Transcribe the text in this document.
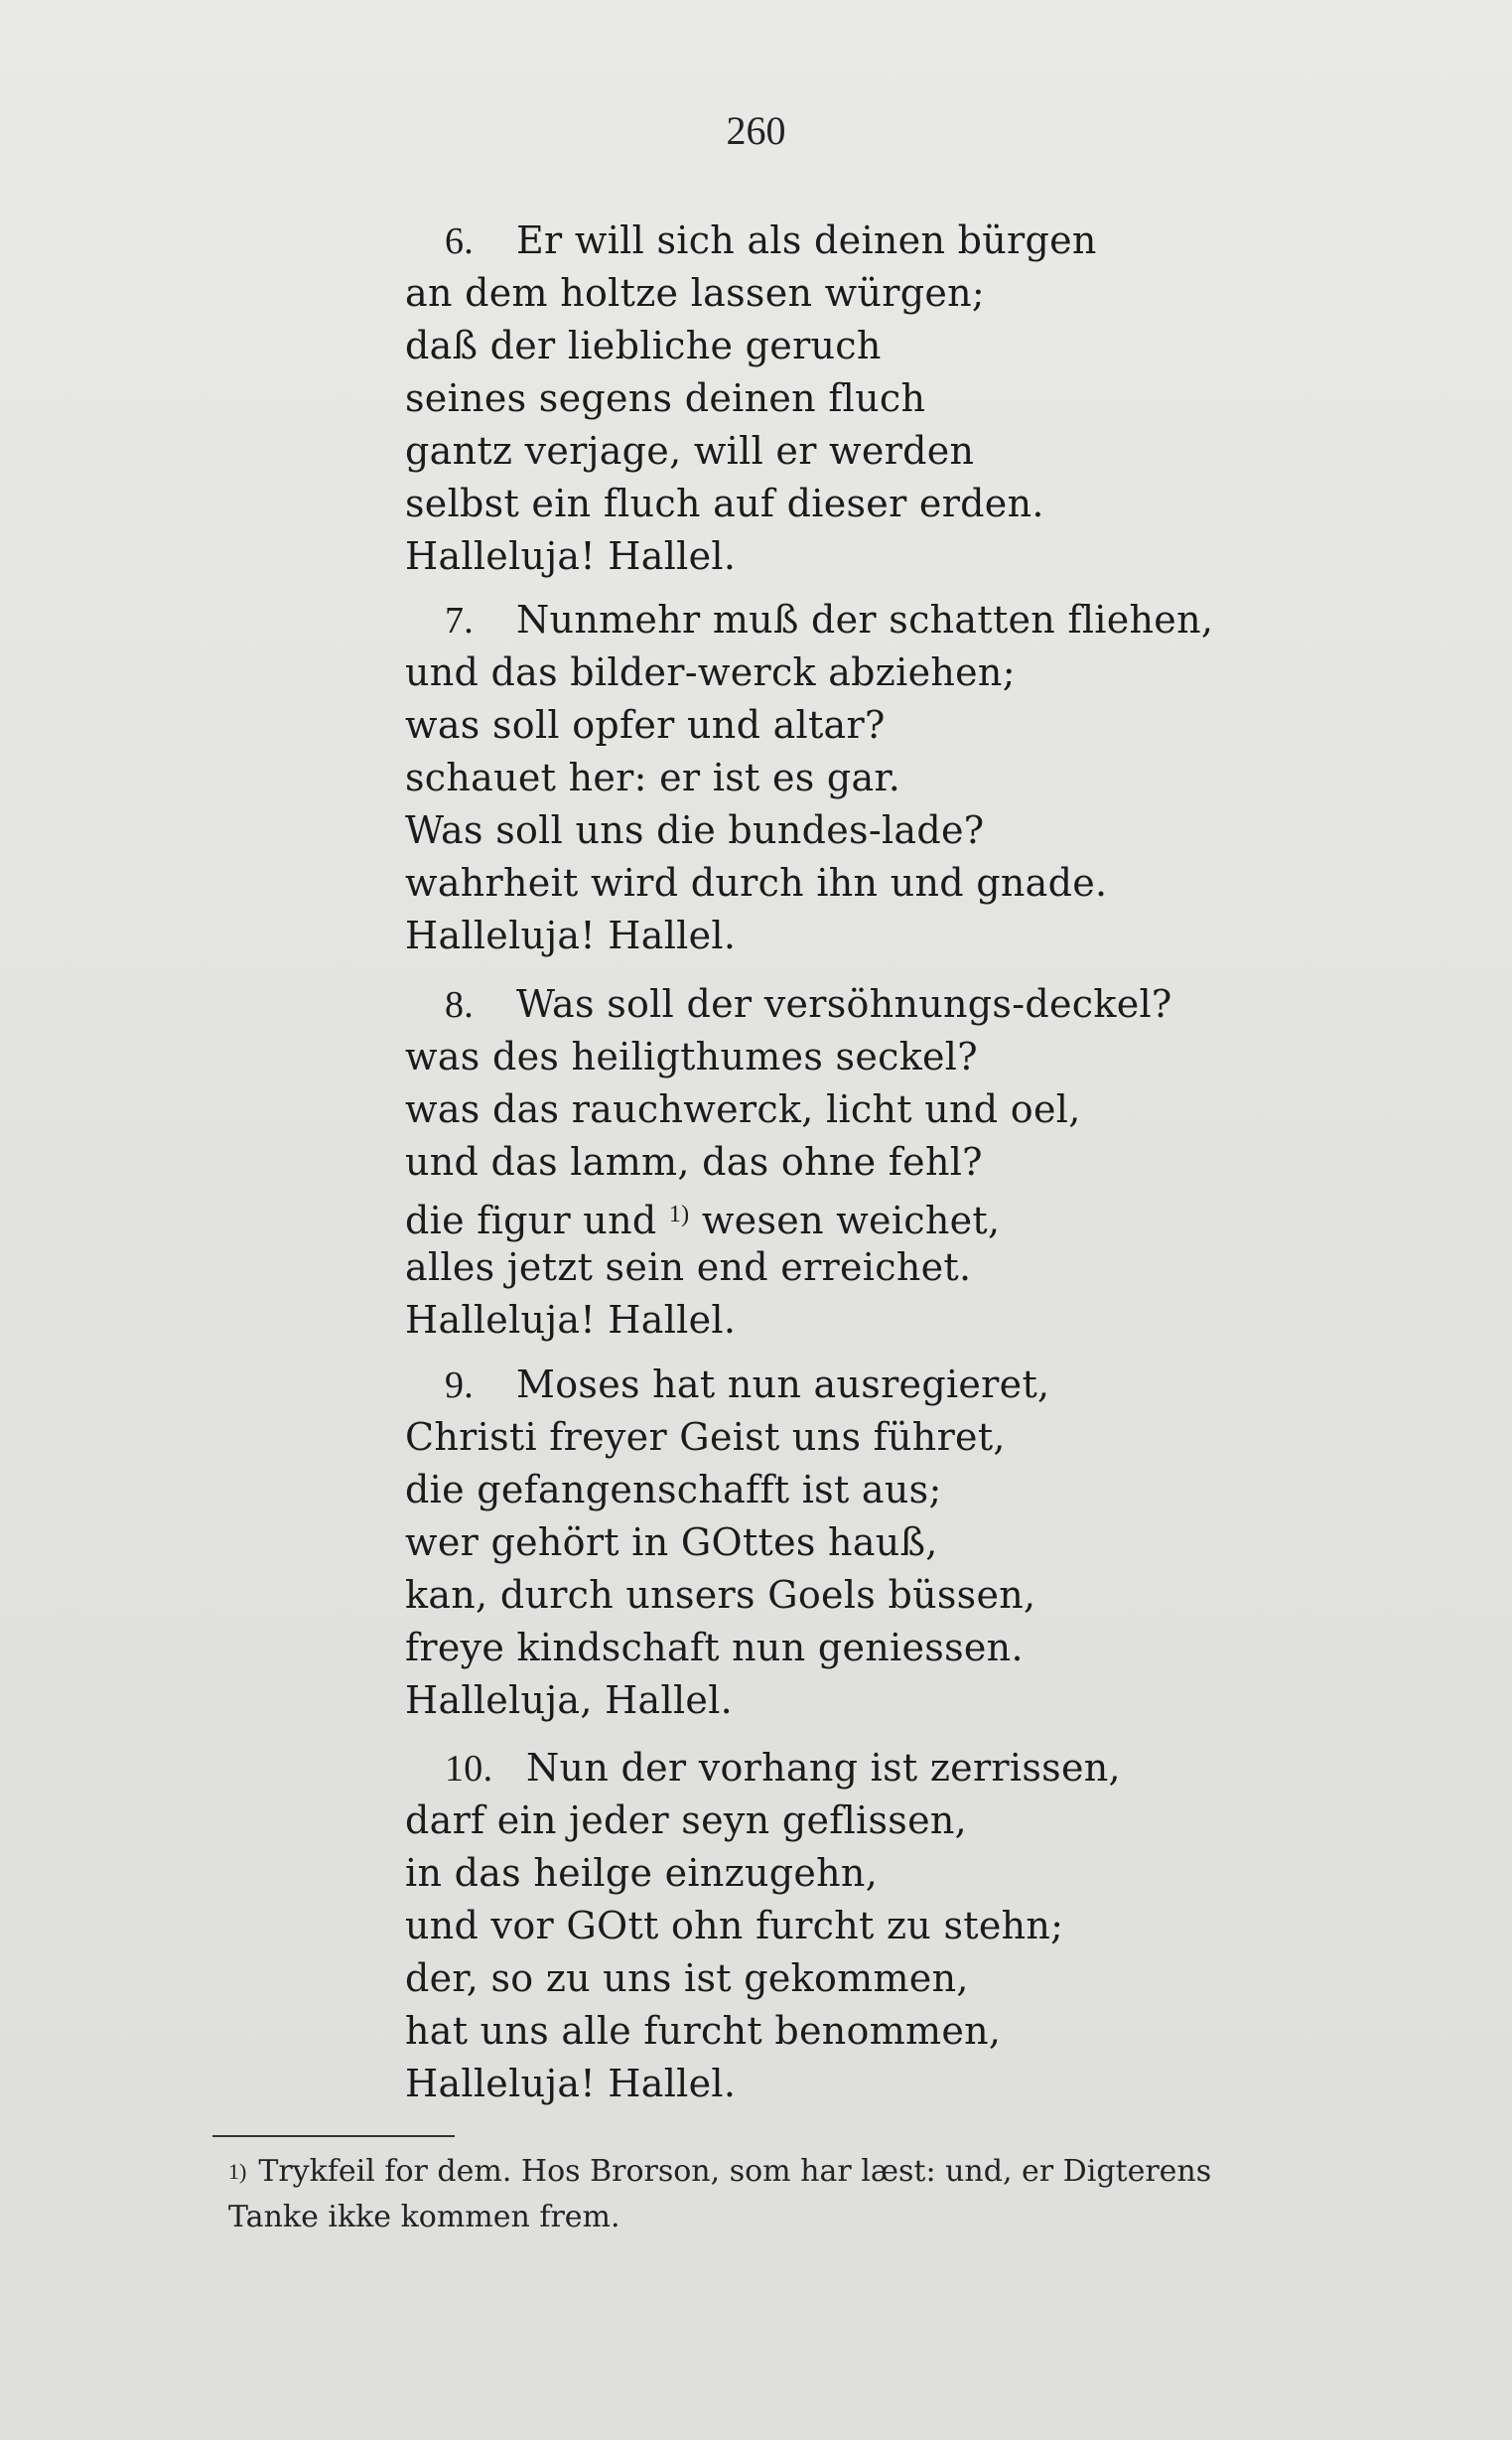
260
6. Er will sich als deinen bürgen
an dem holtze lassen würgen;
daß der liebliche geruch
seines segens deinen fluch
gantz verjage, will er werden
selbst ein fluch auf dieser erden.
Halleluja! Hallel.
7. Nunmehr muß der schatten fliehen,
und das bilder-werck abziehen;
was soll opfer und altar?
schauet her: er ist es gar.
Was soll uns die bundes-lade?
wahrheit wird durch ihn und gnade.
Halleluja! Hallel.
8. Was soll der versöhnungs-deckel?
was des heiligthumes seckel?
was das rauchwerck, licht und oel,
und das lamm, das ohne fehl?
die figur und $^{1)}$ wesen weichet,
alles jetzt sein end erreichet.
Halleluja! Hallel.
9. Moses hat nun ausregieret,
Christi freyer Geist uns führet,
die gefangenschafft ist aus;
wer gehört in GOttes hauß,
kan, durch unsers Goels büssen,
freye kindschaft nun geniessen.
Halleluja, Hallel.
10. Nun der vorhang ist zerrissen,
darf ein jeder seyn geflissen,
in das heilge einzugehn,
und vor GOtt ohn furcht zu stehn;
der, so zu uns ist gekommen,
hat uns alle furcht benommen,
Halleluja! Hallel.
$^{1)}$ Trykfeil for dem. Hos Brorson, som har læst: und, er Digterens
Tanke ikke kommen frem.
